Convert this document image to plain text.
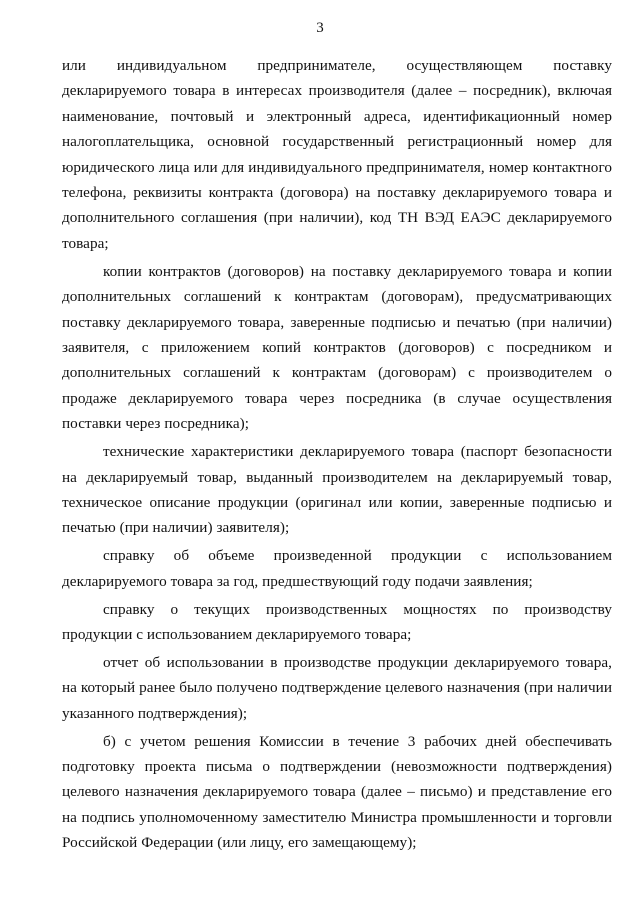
3

или индивидуальном предпринимателе, осуществляющем поставку декларируемого товара в интересах производителя (далее – посредник), включая наименование, почтовый и электронный адреса, идентификационный номер налогоплательщика, основной государственный регистрационный номер для юридического лица или для индивидуального предпринимателя, номер контактного телефона, реквизиты контракта (договора) на поставку декларируемого товара и дополнительного соглашения (при наличии), код ТН ВЭД ЕАЭС декларируемого товара;

копии контрактов (договоров) на поставку декларируемого товара и копии дополнительных соглашений к контрактам (договорам), предусматривающих поставку декларируемого товара, заверенные подписью и печатью (при наличии) заявителя, с приложением копий контрактов (договоров) с посредником и дополнительных соглашений к контрактам (договорам) с производителем о продаже декларируемого товара через посредника (в случае осуществления поставки через посредника);

технические характеристики декларируемого товара (паспорт безопасности на декларируемый товар, выданный производителем на декларируемый товар, техническое описание продукции (оригинал или копии, заверенные подписью и печатью (при наличии) заявителя);

справку об объеме произведенной продукции с использованием декларируемого товара за год, предшествующий году подачи заявления;

справку о текущих производственных мощностях по производству продукции с использованием декларируемого товара;

отчет об использовании в производстве продукции декларируемого товара, на который ранее было получено подтверждение целевого назначения (при наличии указанного подтверждения);

б) с учетом решения Комиссии в течение 3 рабочих дней обеспечивать подготовку проекта письма о подтверждении (невозможности подтверждения) целевого назначения декларируемого товара (далее – письмо) и представление его на подпись уполномоченному заместителю Министра промышленности и торговли Российской Федерации (или лицу, его замещающему);
